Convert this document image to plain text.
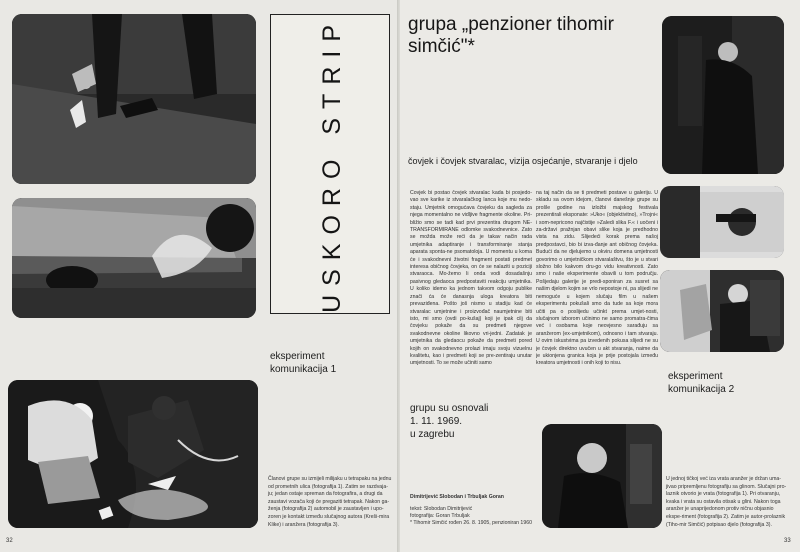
USKORO STRIP
eksperiment
komunikacija 1
Članovi grupe su izmijeli milijaku u tetrapaku na jednu od prometnih ulica (fotografija 1). Zatim se razdvaja-ju; jedan ostaje spreman da fotografira, a drugi da zaustavi vozača koji će pregaziti tetrapak. Nakon ga-ženja (fotografija 2) automobil je zaustavljen i upo-zoren je kontakt između slučajnog autora (Kreši-mira Klike) i aranžera (fotografija 3).
32
grupa „penzioner tihomir simčić"*
čovjek i čovjek stvaralac, vizija osjećanje, stvaranje i djelo
Čovjek bi postao čovjek stvaralac kada bi posjedo-vao sve karike iz stvaralačkog lanca koje mu nedo-staju. Umjetnik omogućava čovjeku da sagleda za njega momentalno ne vidljive fragmente okoline. Pri-bližio smo se tadi kad prvi prezentira drugom NE-TRANSFORMIRANE odlomke svakodnevnice. Zato se možda može reći da je takav način rada umjetnika adaptiranje i transformiranje stanja aparata sponta-ne psomatoloja. U momentu u koma će i svakodnevni životni fragment postati predmet interesa običnog čovjeka, on će se nalaziti u poziciji stvaraoca. Mo-žemo li onda vodi dosadašnju pasivnog gledaoca predpostaviti reakciju umjetnika. U koliko idemo ka jednom takvom odgoju publike znači ća će danasnja uloga kreatora biti prevaziđena. Pošto još nismo u stadiju kad će stvaralac umjetnine i proizvođač naumjetnine biti isto, mi smo (ovdi po-kušaj) koji je ipak cilj da čovjeku pokaže da su predmeti njegove svakodnevne okoline likovno vri-jedni. Zadatak je umjetnika da gledaocu pokaže da predmeti pored kojih on svakodnevno prolazi imaju svoju vizuelnu kvalitetu, kao i predmeti koji se pre-zentiraju unutar umjetnosti. To se može učiniti samo
na taj način da se ti predmeti postave u galeriju. U skladu sa ovom idejom, članovi danešnje grupe su prošle godine na izložbi majskog festivala prezentirali eksponate: »Uko« (objektivitno), »Trojni« i som-nepricono najčistije »Zaledi slika F.« i uočeni i za-državi pražnjan obavi slike koja je predhodno vista na zidu. Slijedeći korak prema našoj predpostavci, bio bi izva-đanje ant običnog čovjeka. Budući da ne djelujemo u okviru domena umjetnosti govorimo o umjetničkom stvaralaštvu, što je u stvari složno bilo kakvom dru-go vidu kreativnosti. Zato smo i naše eksperimente obavili u tom području. Pošjedaju galerije je predi-sponiran za susret sa našim djelom kojim se vrlo nepostoje ni, pa slijedi ne nemoguće u kojem slučaju film u našem eksperimentu pokušali smo da tude sa koje mora učiti pa o poslijedu učinkt prema umjet-nosti, slučajnom izborom učinimo ne samo promatra-čima već i osobama koje neovjesno sarađuju sa aranžerom (ex-umjetnikom), odnosno i tam stvaraju. U ovim iskustvima pa izvedenih pokusa slijedi ne su je čovjek direktno uvučen u akt stvaranja, naime da je ukionjena granica koja je prije postojala između kreatora umjetnosti i onih koji to nisu.
grupu su osnovali
1. 11. 1969.
u zagrebu
eksperiment
komunikacija 2
Dimitrijević Slobodan i Trbuljak Goran
tekst: Slobodan Dimitrijević
fotografija: Goran Trbuljak
* Tihomir Simčić rođen 26. 8. 1905, penzioniran 1960
U jednoj tičkoj već iza vrata aranžer je držan uma-jivao pripremljenu fotografiju sa glinom. Slučajni pro-laznik otvorio je vrata (fotografija 1). Pri otvaranju, kvaka i vrata su ostavila otisak u glini. Nakon toga aranžer je unaprijedonom protiv ničnu objasnio ekspe-riment (fotografija 2). Zatim je autor-prolaznik (Tiho-mir Simčić) potpisao djelo (fotografija 3).
33
